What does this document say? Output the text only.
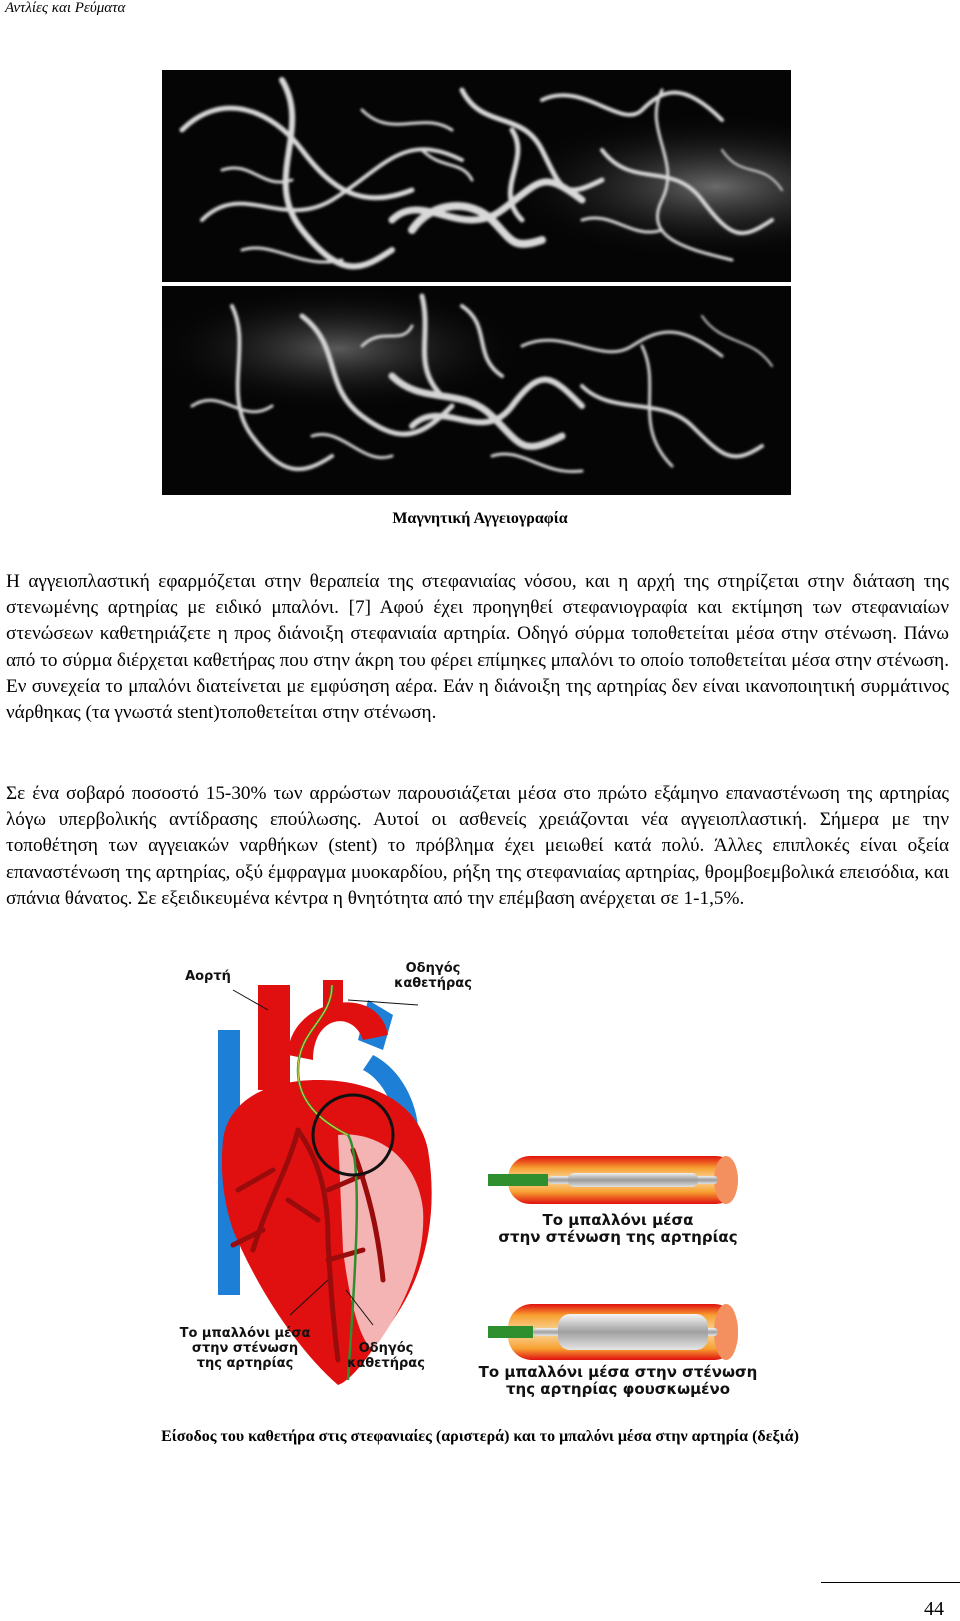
Αντλίες και Ρεύματα
Μαγνητική Αγγειογραφία

Η αγγειοπλαστική εφαρμόζεται στην θεραπεία της στεφανιαίας νόσου, και η αρχή της στηρίζεται στην διάταση της στενωμένης αρτηρίας με ειδικό μπαλόνι. [7] Αφού έχει προηγηθεί στεφανιογραφία και εκτίμηση των στεφανιαίων στενώσεων καθετηριάζετε η προς διάνοιξη στεφανιαία αρτηρία. Οδηγό σύρμα τοποθετείται μέσα στην στένωση. Πάνω από το σύρμα διέρχεται καθετήρας που στην άκρη του φέρει επίμηκες μπαλόνι το οποίο τοποθετείται μέσα στην στένωση. Εν συνεχεία το μπαλόνι διατείνεται με εμφύσηση αέρα. Εάν η διάνοιξη της αρτηρίας δεν είναι ικανοποιητική συρμάτινος νάρθηκας (τα γνωστά stent)τοποθετείται στην στένωση.

Σε ένα σοβαρό ποσοστό 15-30% των αρρώστων παρουσιάζεται μέσα στο πρώτο εξάμηνο επαναστένωση της αρτηρίας λόγω υπερβολικής αντίδρασης επούλωσης. Αυτοί οι ασθενείς χρειάζονται νέα αγγειοπλαστική. Σήμερα με την τοποθέτηση των αγγειακών ναρθήκων (stent) το πρόβλημα έχει μειωθεί κατά πολύ. Άλλες επιπλοκές είναι οξεία επαναστένωση της αρτηρίας, οξύ έμφραγμα μυοκαρδίου, ρήξη της στεφανιαίας αρτηρίας, θρομβοεμβολικά επεισόδια, και σπάνια θάνατος. Σε εξειδικευμένα κέντρα η θνητότητα από την επέμβαση ανέρχεται σε 1-1,5%.

Αορτή
Οδηγός
καθετήρας
Το μπαλλόνι μέσα
στην στένωση
της αρτηρίας
Οδηγός
καθετήρας
Το μπαλλόνι μέσα
στην στένωση της αρτηρίας
Το μπαλλόνι μέσα στην στένωση
της αρτηρίας φουσκωμένο
Είσοδος του καθετήρα στις στεφανιαίες (αριστερά) και το μπαλόνι μέσα στην αρτηρία (δεξιά)
44
